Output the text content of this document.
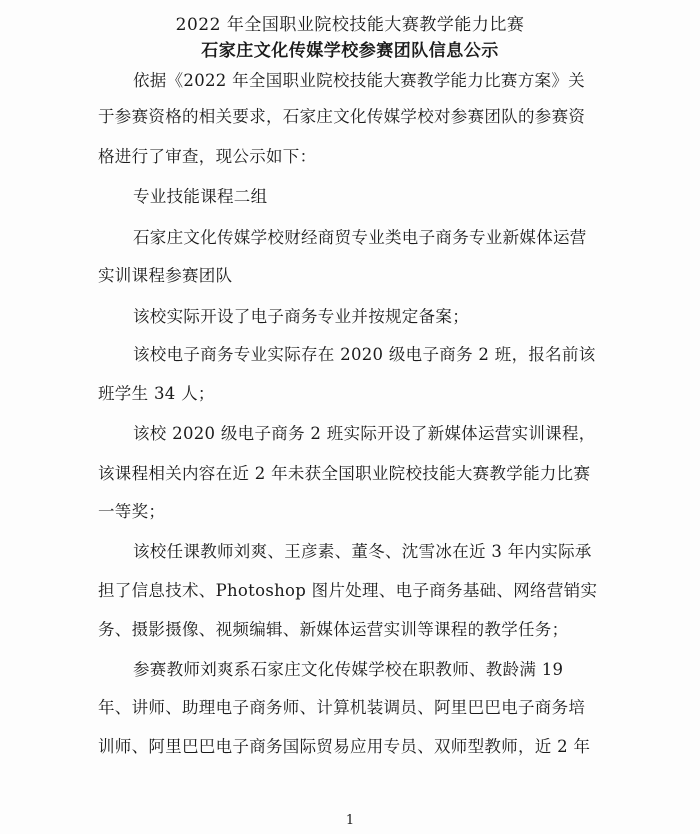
2022 年全国职业院校技能大赛教学能力比赛
石家庄文化传媒学校参赛团队信息公示
依据《2022 年全国职业院校技能大赛教学能力比赛方案》关
于参赛资格的相关要求，石家庄文化传媒学校对参赛团队的参赛资
格进行了审查，现公示如下：
专业技能课程二组
石家庄文化传媒学校财经商贸专业类电子商务专业新媒体运营
实训课程参赛团队
该校实际开设了电子商务专业并按规定备案；
该校电子商务专业实际存在 2020 级电子商务 2 班，报名前该
班学生 34 人；
该校 2020 级电子商务 2 班实际开设了新媒体运营实训课程，
该课程相关内容在近 2 年未获全国职业院校技能大赛教学能力比赛
一等奖；
该校任课教师刘爽、王彦素、董冬、沈雪冰在近 3 年内实际承
担了信息技术、Photoshop 图片处理、电子商务基础、网络营销实
务、摄影摄像、视频编辑、新媒体运营实训等课程的教学任务；
参赛教师刘爽系石家庄文化传媒学校在职教师、教龄满 19
年、讲师、助理电子商务师、计算机装调员、阿里巴巴电子商务培
训师、阿里巴巴电子商务国际贸易应用专员、双师型教师，近 2 年
1
